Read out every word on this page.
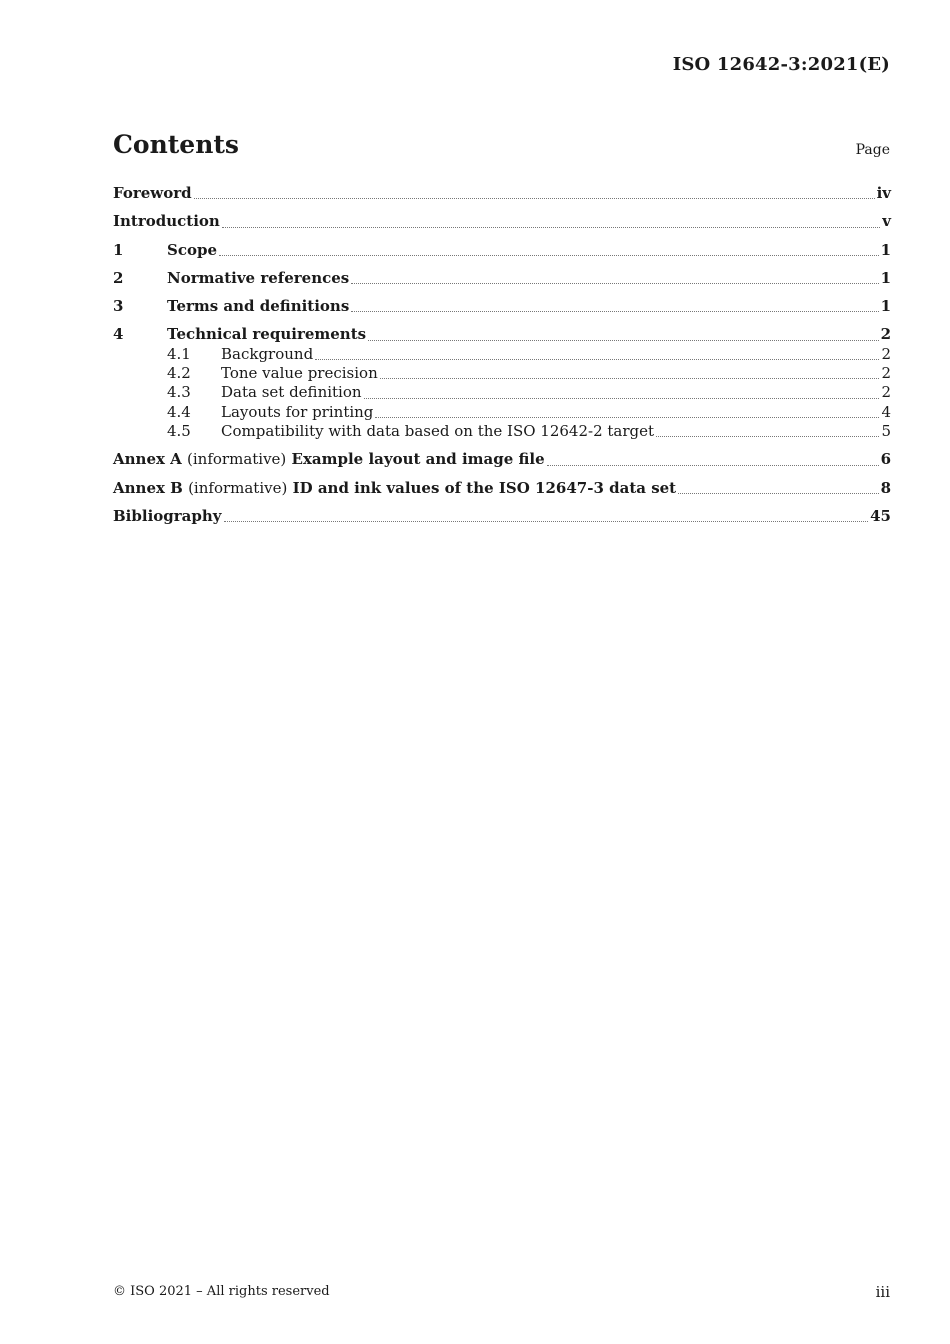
ISO 12642-3:2021(E)
Contents	Page
Foreword	iv
Introduction	v
1	Scope	1
2	Normative references	1
3	Terms and definitions	1
4	Technical requirements	2
4.1	Background	2
4.2	Tone value precision	2
4.3	Data set definition	2
4.4	Layouts for printing	4
4.5	Compatibility with data based on the ISO 12642-2 target	5
Annex A (informative) Example layout and image file	6
Annex B (informative) ID and ink values of the ISO 12647-3 data set	8
Bibliography	45
© ISO 2021 – All rights reserved	iii
